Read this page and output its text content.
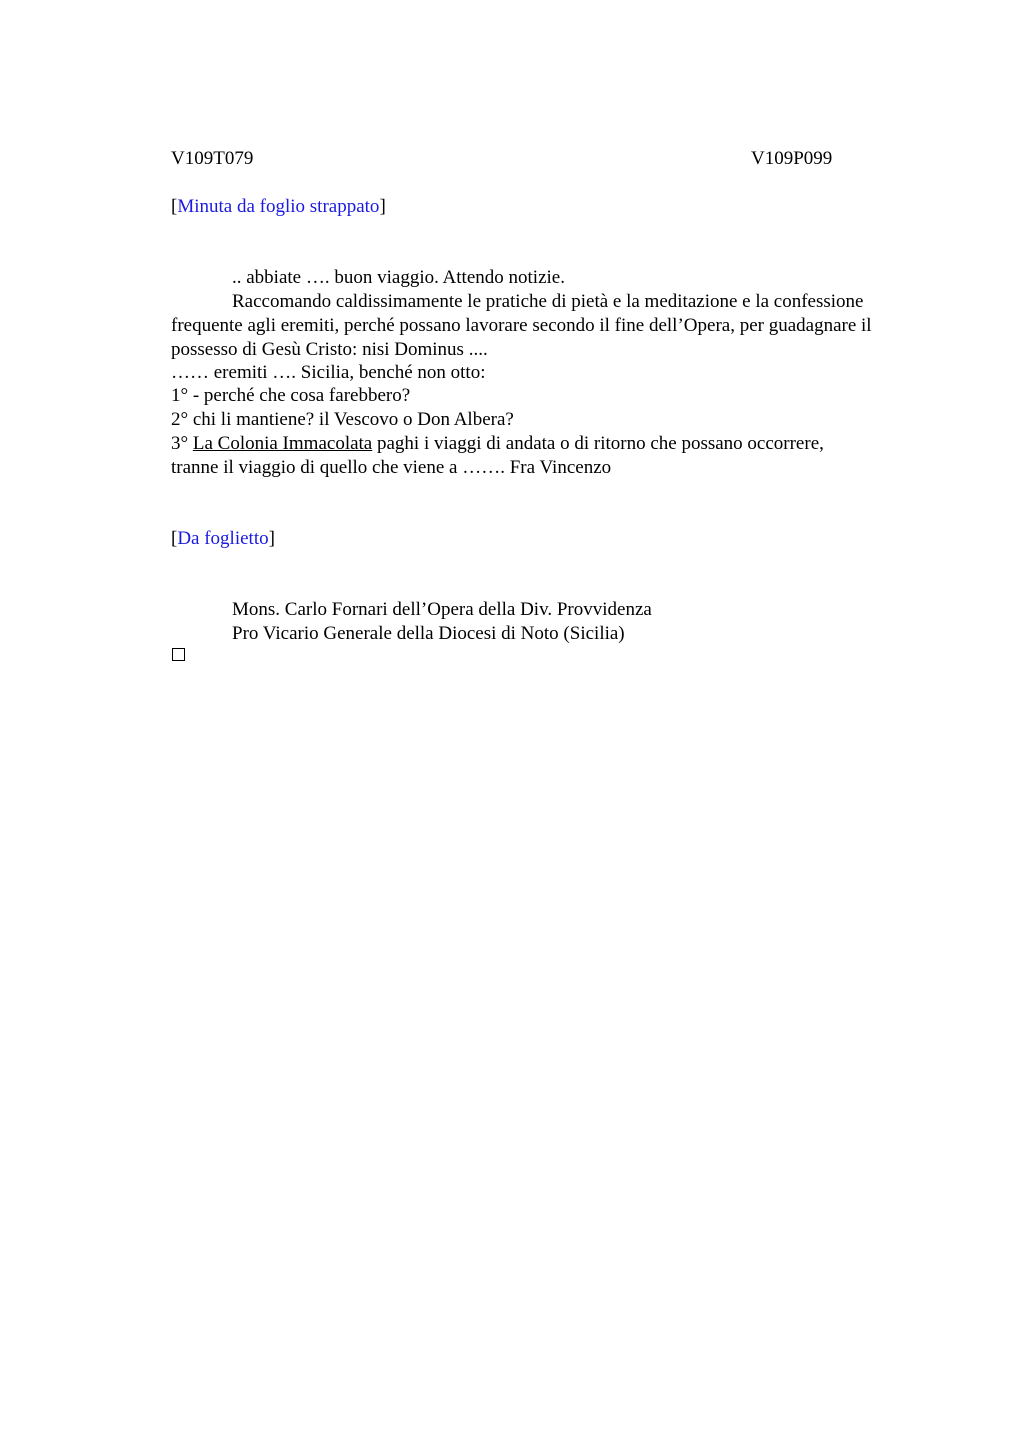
V109T079	V109P099
[Minuta da foglio strappato]
.. abbiate …. buon viaggio. Attendo notizie.
Raccomando caldissimamente le pratiche di pietà e la meditazione e la confessione frequente agli eremiti, perché possano lavorare secondo il fine dell’Opera, per guadagnare il possesso di Gesù Cristo: nisi Dominus ....
…… eremiti …. Sicilia, benché non otto:
1° - perché che cosa farebbero?
2° chi li mantiene? il Vescovo o Don Albera?
3° La Colonia Immacolata paghi i viaggi di andata o di ritorno che possano occorrere,
tranne il viaggio di quello che viene a ……. Fra Vincenzo
[Da foglietto]
Mons. Carlo Fornari dell’Opera della Div. Provvidenza
Pro Vicario Generale della Diocesi di Noto (Sicilia)
